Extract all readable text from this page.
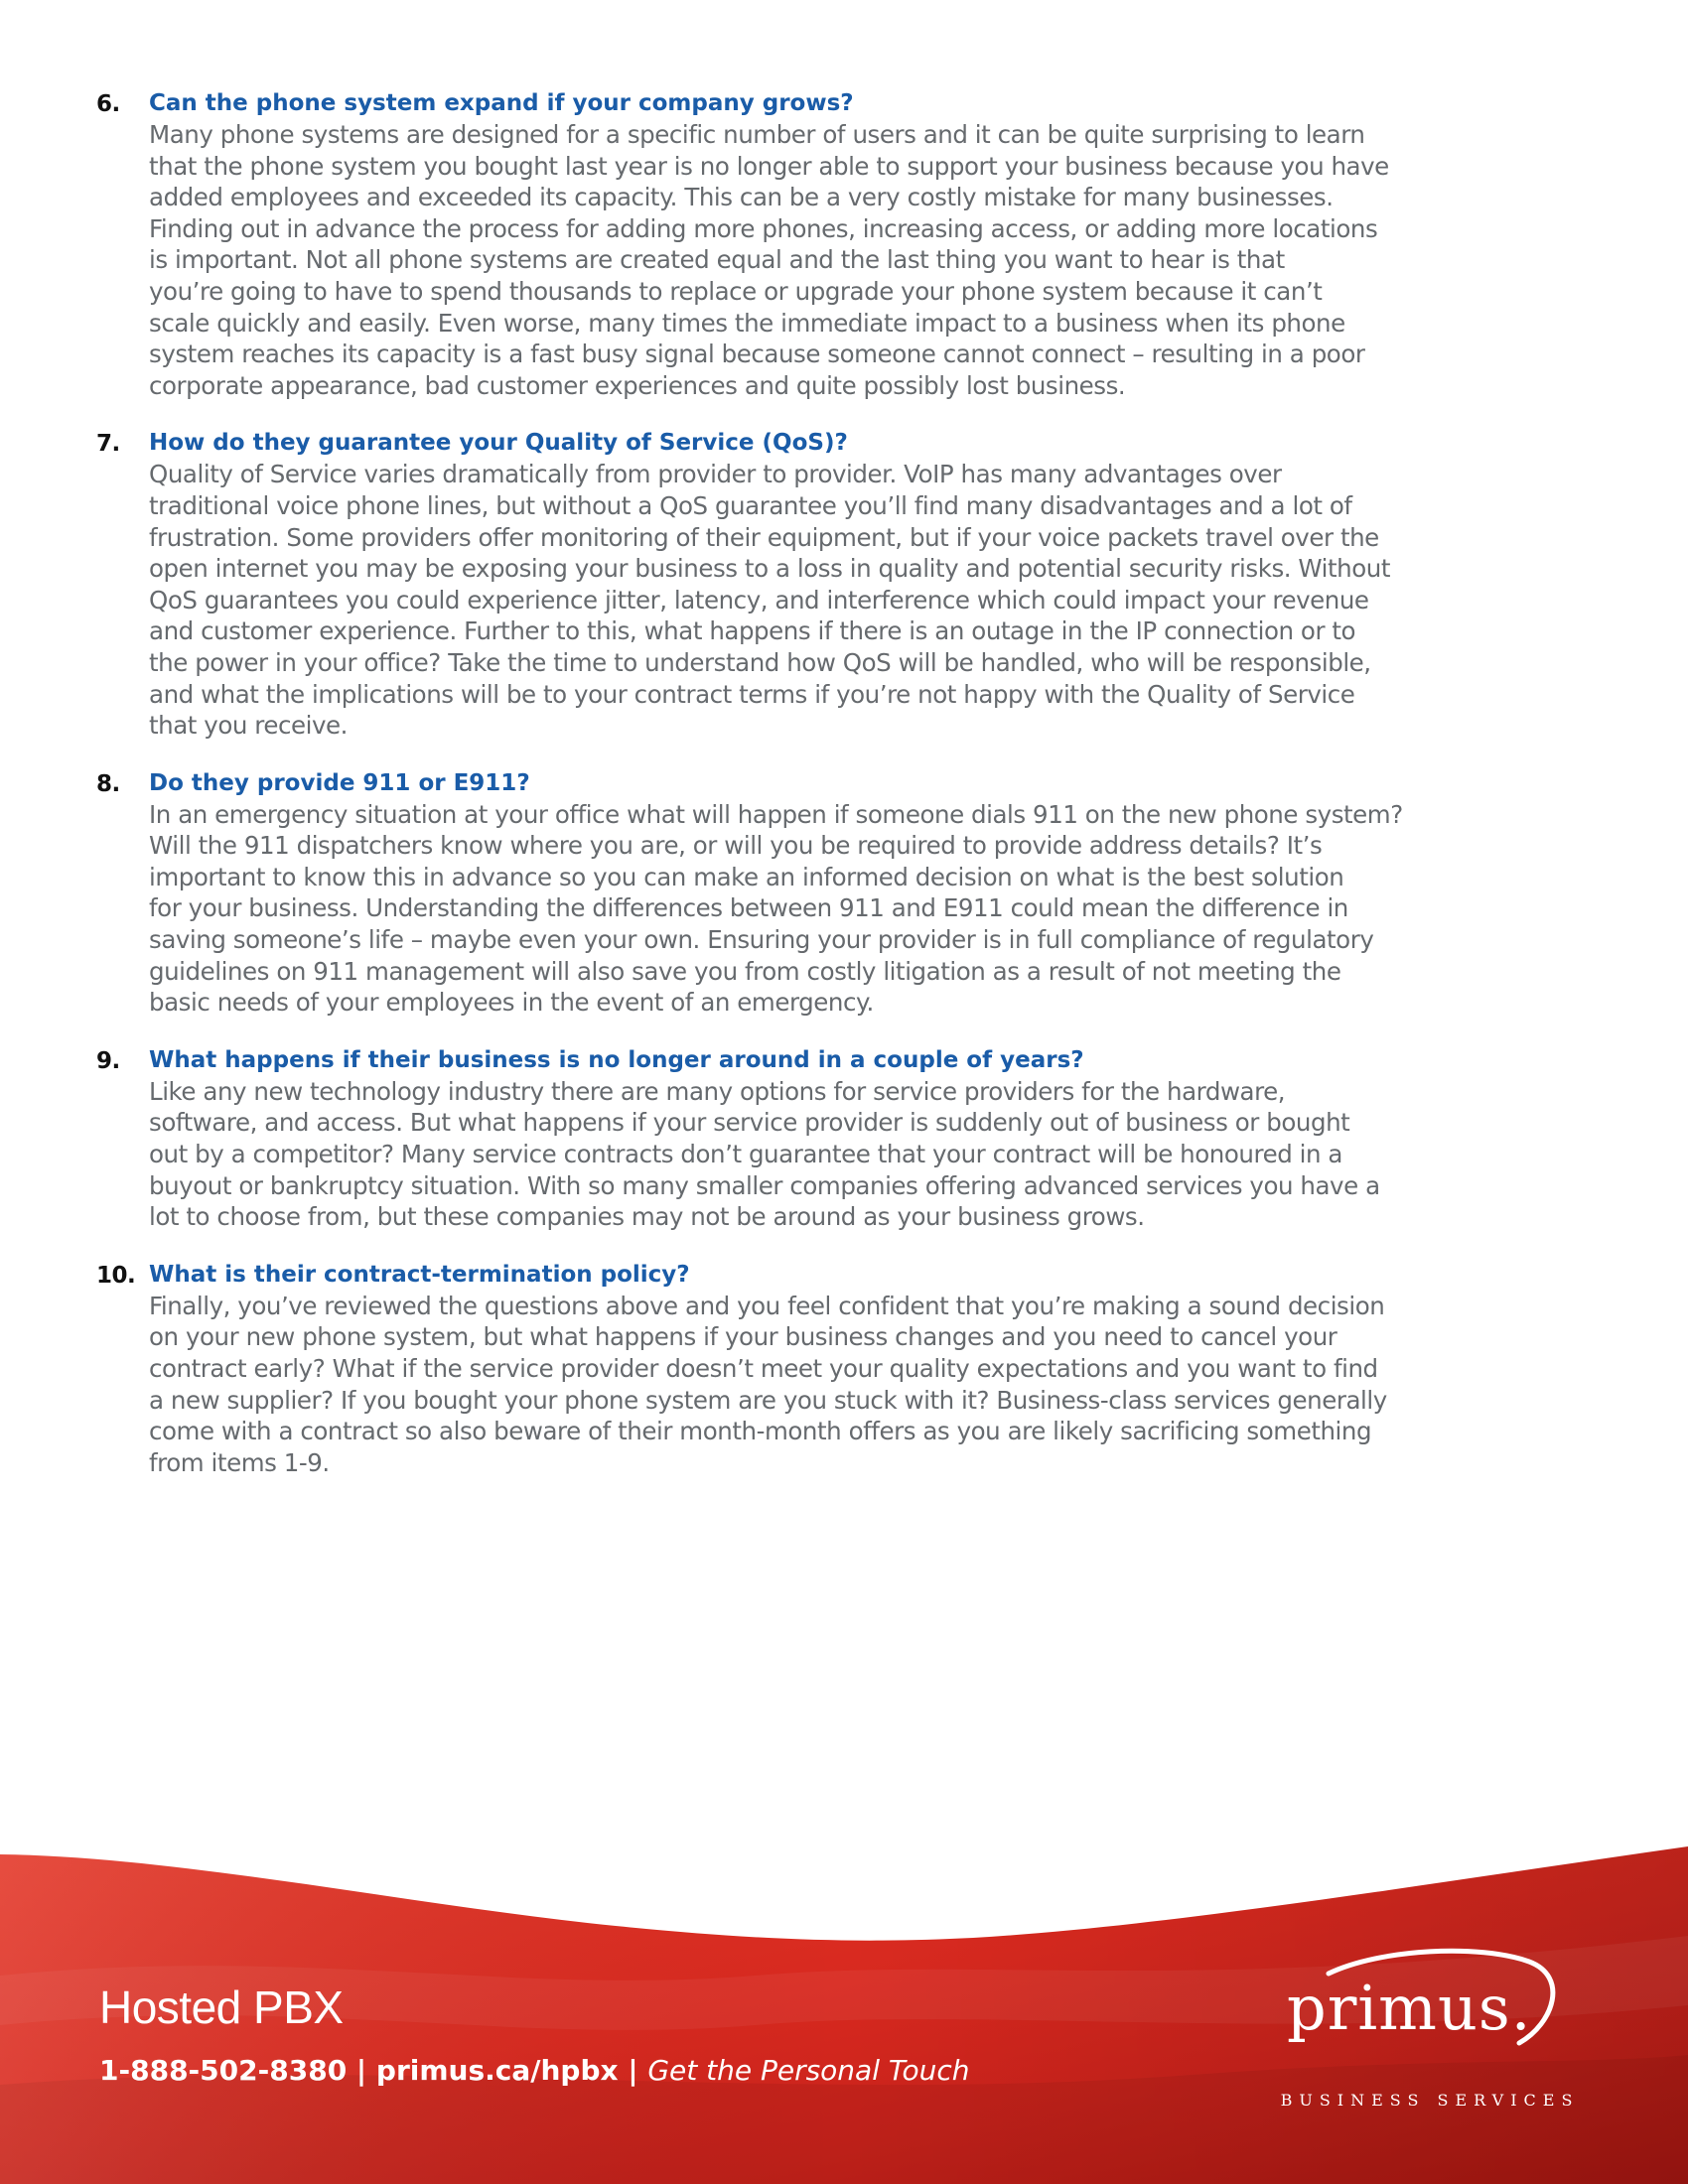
6. Can the phone system expand if your company grows?
Many phone systems are designed for a specific number of users and it can be quite surprising to learn
that the phone system you bought last year is no longer able to support your business because you have
added employees and exceeded its capacity. This can be a very costly mistake for many businesses.
Finding out in advance the process for adding more phones, increasing access, or adding more locations
is important. Not all phone systems are created equal and the last thing you want to hear is that
you’re going to have to spend thousands to replace or upgrade your phone system because it can’t
scale quickly and easily. Even worse, many times the immediate impact to a business when its phone
system reaches its capacity is a fast busy signal because someone cannot connect – resulting in a poor
corporate appearance, bad customer experiences and quite possibly lost business.
7. How do they guarantee your Quality of Service (QoS)?
Quality of Service varies dramatically from provider to provider. VoIP has many advantages over
traditional voice phone lines, but without a QoS guarantee you’ll find many disadvantages and a lot of
frustration. Some providers offer monitoring of their equipment, but if your voice packets travel over the
open internet you may be exposing your business to a loss in quality and potential security risks. Without
QoS guarantees you could experience jitter, latency, and interference which could impact your revenue
and customer experience. Further to this, what happens if there is an outage in the IP connection or to
the power in your office? Take the time to understand how QoS will be handled, who will be responsible,
and what the implications will be to your contract terms if you’re not happy with the Quality of Service
that you receive.
8. Do they provide 911 or E911?
In an emergency situation at your office what will happen if someone dials 911 on the new phone system?
Will the 911 dispatchers know where you are, or will you be required to provide address details? It’s
important to know this in advance so you can make an informed decision on what is the best solution
for your business. Understanding the differences between 911 and E911 could mean the difference in
saving someone’s life – maybe even your own. Ensuring your provider is in full compliance of regulatory
guidelines on 911 management will also save you from costly litigation as a result of not meeting the
basic needs of your employees in the event of an emergency.
9. What happens if their business is no longer around in a couple of years?
Like any new technology industry there are many options for service providers for the hardware,
software, and access. But what happens if your service provider is suddenly out of business or bought
out by a competitor? Many service contracts don’t guarantee that your contract will be honoured in a
buyout or bankruptcy situation. With so many smaller companies offering advanced services you have a
lot to choose from, but these companies may not be around as your business grows.
10. What is their contract-termination policy?
Finally, you’ve reviewed the questions above and you feel confident that you’re making a sound decision
on your new phone system, but what happens if your business changes and you need to cancel your
contract early? What if the service provider doesn’t meet your quality expectations and you want to find
a new supplier? If you bought your phone system are you stuck with it? Business-class services generally
come with a contract so also beware of their month-month offers as you are likely sacrificing something
from items 1-9.
Hosted PBX
1-888-502-8380 | primus.ca/hpbx | Get the Personal Touch
primus.
BUSINESS SERVICES
